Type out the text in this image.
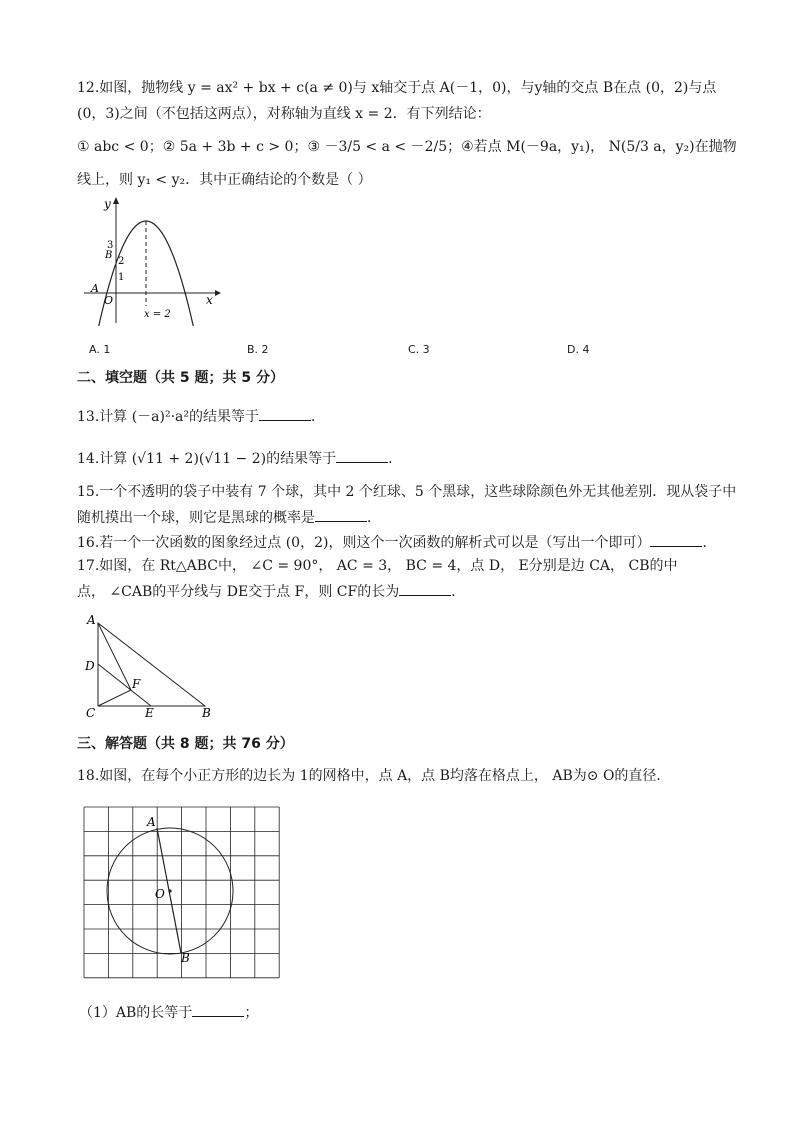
12.如图，抛物线 y = ax² + bx + c(a ≠ 0)与 x轴交于点 A(－1，0)，与y轴的交点 B在点 (0，2)与点
(0，3)之间（不包括这两点），对称轴为直线 x = 2．有下列结论：
① abc < 0；② 5a + 3b + c > 0；③ －3/5 < a < －2/5；④若点 M(－9a，y₁)， N(5/3 a，y₂)在抛物
线上，则 y₁ < y₂．其中正确结论的个数是（ ）
y
x
O
A
B
3
2
1
x = 2
A. 1	B. 2	C. 3	D. 4
二、填空题（共 5 题；共 5 分）
13.计算 (－a)²·a²的结果等于	．
14.计算 (√11 + 2)(√11 − 2)的结果等于	．
15.一个不透明的袋子中装有 7 个球，其中 2 个红球、5 个黑球，这些球除颜色外无其他差别．现从袋子中
随机摸出一个球，则它是黑球的概率是	．
16.若一个一次函数的图象经过点 (0，2)，则这个一次函数的解析式可以是（写出一个即可）	．
17.如图，在 Rt△ABC中， ∠C = 90°， AC = 3， BC = 4，点 D， E分别是边 CA， CB的中
点， ∠CAB的平分线与 DE交于点 F，则 CF的长为	．
A
D
F
C	E	B
三、解答题（共 8 题；共 76 分）
18.如图，在每个小正方形的边长为 1的网格中，点 A，点 B均落在格点上， AB为⊙ O的直径．
A
O
B
（1）AB的长等于	；
